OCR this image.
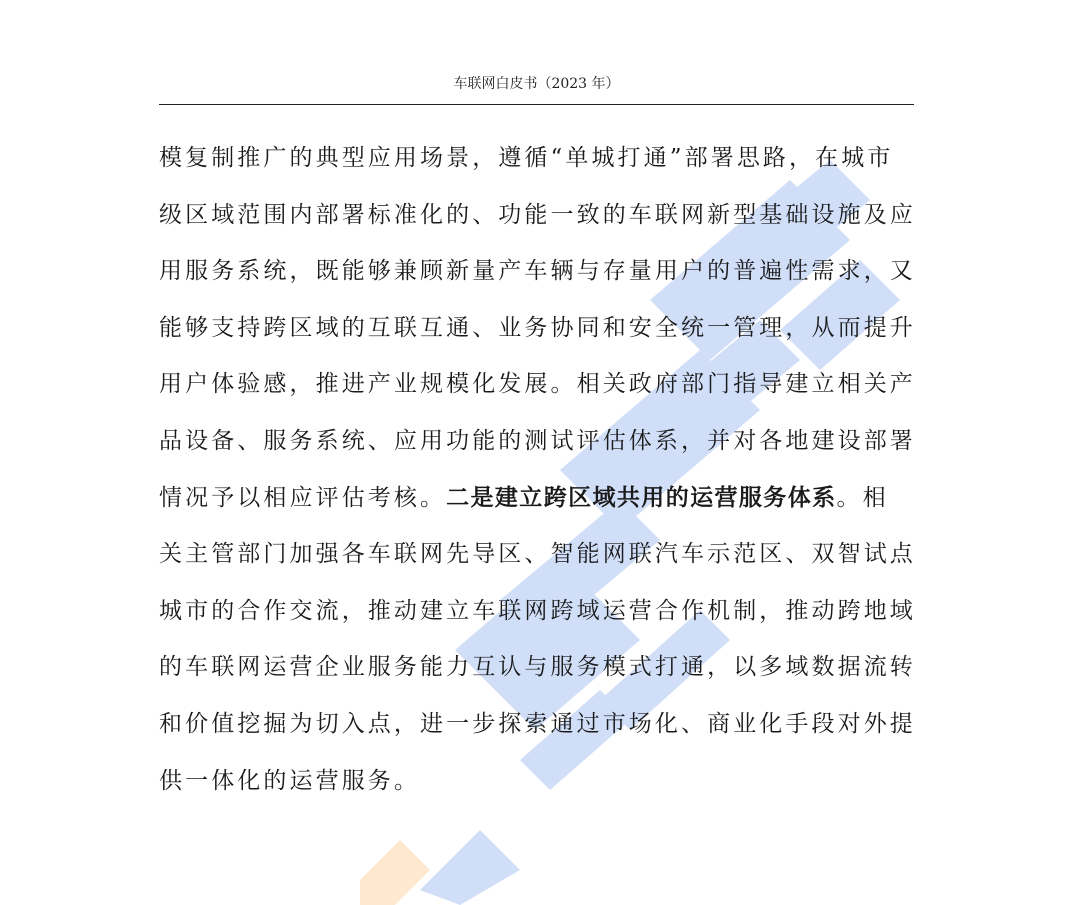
车联网白皮书（2023 年）
模复制推广的典型应用场景，遵循“单城打通”部署思路，在城市
级区域范围内部署标准化的、功能一致的车联网新型基础设施及应
用服务系统，既能够兼顾新量产车辆与存量用户的普遍性需求，又
能够支持跨区域的互联互通、业务协同和安全统一管理，从而提升
用户体验感，推进产业规模化发展。相关政府部门指导建立相关产
品设备、服务系统、应用功能的测试评估体系，并对各地建设部署
情况予以相应评估考核。二是建立跨区域共用的运营服务体系。相
关主管部门加强各车联网先导区、智能网联汽车示范区、双智试点
城市的合作交流，推动建立车联网跨域运营合作机制，推动跨地域
的车联网运营企业服务能力互认与服务模式打通，以多域数据流转
和价值挖掘为切入点，进一步探索通过市场化、商业化手段对外提
供一体化的运营服务。
